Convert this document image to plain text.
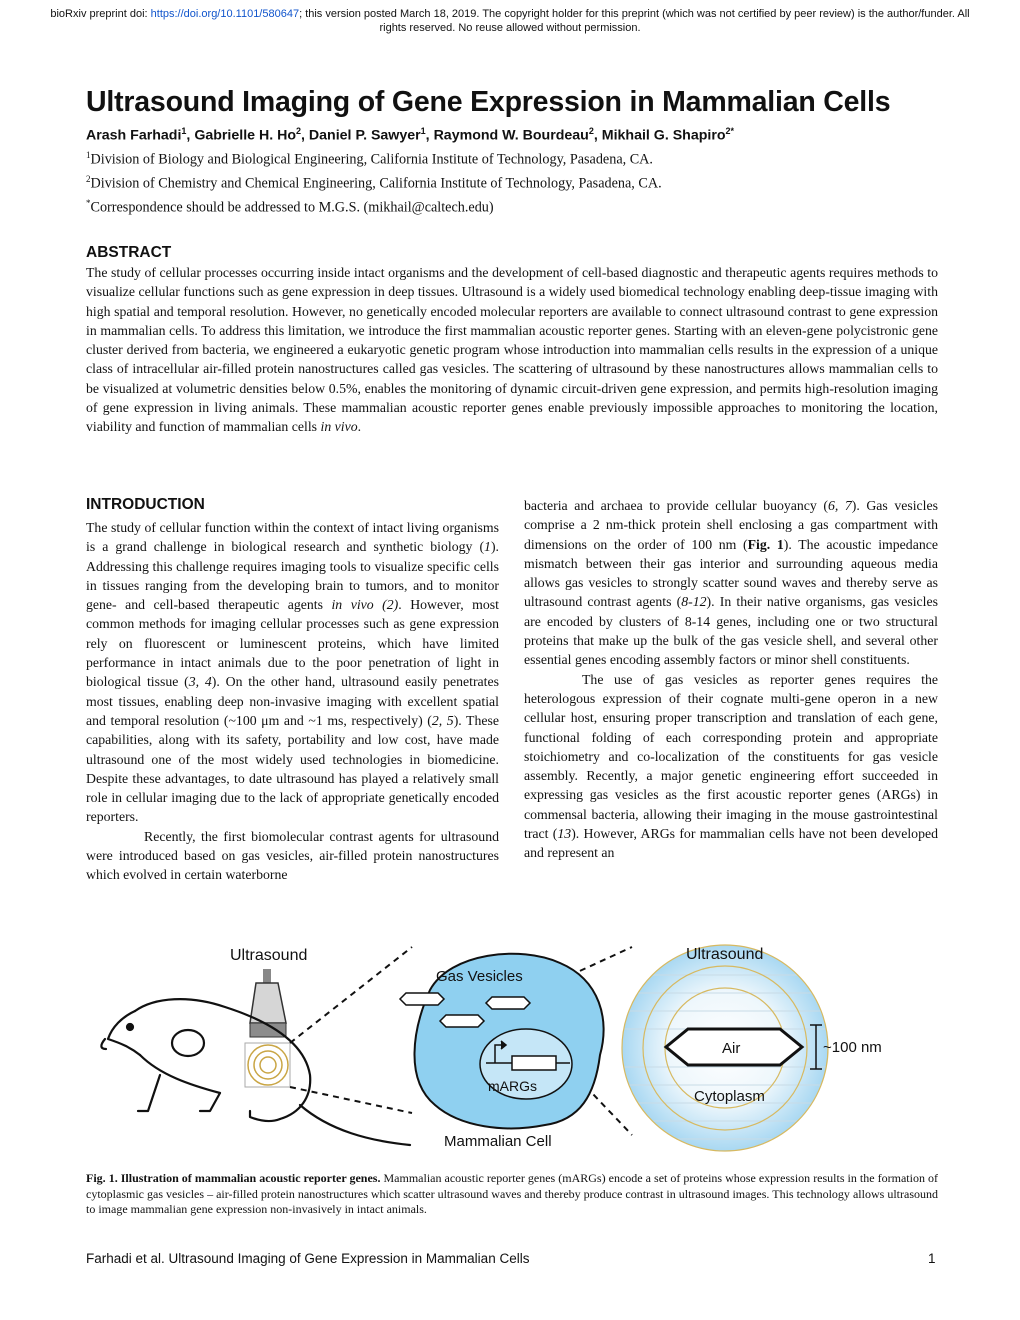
bioRxiv preprint doi: https://doi.org/10.1101/580647; this version posted March 18, 2019. The copyright holder for this preprint (which was not certified by peer review) is the author/funder. All rights reserved. No reuse allowed without permission.
Ultrasound Imaging of Gene Expression in Mammalian Cells
Arash Farhadi$^1$, Gabrielle H. Ho$^2$, Daniel P. Sawyer$^1$, Raymond W. Bourdeau$^2$, Mikhail G. Shapiro$^{2*}$
$^1$Division of Biology and Biological Engineering, California Institute of Technology, Pasadena, CA.
$^2$Division of Chemistry and Chemical Engineering, California Institute of Technology, Pasadena, CA.
*Correspondence should be addressed to M.G.S. (mikhail@caltech.edu)
ABSTRACT

The study of cellular processes occurring inside intact organisms and the development of cell-based diagnostic and therapeutic agents requires methods to visualize cellular functions such as gene expression in deep tissues. Ultrasound is a widely used biomedical technology enabling deep-tissue imaging with high spatial and temporal resolution. However, no genetically encoded molecular reporters are available to connect ultrasound contrast to gene expression in mammalian cells. To address this limitation, we introduce the first mammalian acoustic reporter genes. Starting with an eleven-gene polycistronic gene cluster derived from bacteria, we engineered a eukaryotic genetic program whose introduction into mammalian cells results in the expression of a unique class of intracellular air-filled protein nanostructures called gas vesicles. The scattering of ultrasound by these nanostructures allows mammalian cells to be visualized at volumetric densities below 0.5%, enables the monitoring of dynamic circuit-driven gene expression, and permits high-resolution imaging of gene expression in living animals. These mammalian acoustic reporter genes enable previously impossible approaches to monitoring the location, viability and function of mammalian cells in vivo.

INTRODUCTION

The study of cellular function within the context of intact living organisms is a grand challenge in biological research and synthetic biology (1). Addressing this challenge requires imaging tools to visualize specific cells in tissues ranging from the developing brain to tumors, and to monitor gene- and cell-based therapeutic agents in vivo (2). However, most common methods for imaging cellular processes such as gene expression rely on fluorescent or luminescent proteins, which have limited performance in intact animals due to the poor penetration of light in biological tissue (3, 4). On the other hand, ultrasound easily penetrates most tissues, enabling deep non-invasive imaging with excellent spatial and temporal resolution (~100 μm and ~1 ms, respectively) (2, 5). These capabilities, along with its safety, portability and low cost, have made ultrasound one of the most widely used technologies in biomedicine. Despite these advantages, to date ultrasound has played a relatively small role in cellular imaging due to the lack of appropriate genetically encoded reporters.

Recently, the first biomolecular contrast agents for ultrasound were introduced based on gas vesicles, air-filled protein nanostructures which evolved in certain waterborne

bacteria and archaea to provide cellular buoyancy (6, 7). Gas vesicles comprise a 2 nm-thick protein shell enclosing a gas compartment with dimensions on the order of 100 nm (Fig. 1). The acoustic impedance mismatch between their gas interior and surrounding aqueous media allows gas vesicles to strongly scatter sound waves and thereby serve as ultrasound contrast agents (8-12). In their native organisms, gas vesicles are encoded by clusters of 8-14 genes, including one or two structural proteins that make up the bulk of the gas vesicle shell, and several other essential genes encoding assembly factors or minor shell constituents.

The use of gas vesicles as reporter genes requires the heterologous expression of their cognate multi-gene operon in a new cellular host, ensuring proper transcription and translation of each gene, functional folding of each corresponding protein and appropriate stoichiometry and co-localization of the constituents for gas vesicle assembly. Recently, a major genetic engineering effort succeeded in expressing gas vesicles as the first acoustic reporter genes (ARGs) in commensal bacteria, allowing their imaging in the mouse gastrointestinal tract (13). However, ARGs for mammalian cells have not been developed and represent an

Ultrasound
Gas Vesicles
mARGs
Mammalian Cell
Ultrasound
Air	~100 nm
Cytoplasm

Fig. 1. Illustration of mammalian acoustic reporter genes. Mammalian acoustic reporter genes (mARGs) encode a set of proteins whose expression results in the formation of cytoplasmic gas vesicles – air-filled protein nanostructures which scatter ultrasound waves and thereby produce contrast in ultrasound images. This technology allows ultrasound to image mammalian gene expression non-invasively in intact animals.

Farhadi et al. Ultrasound Imaging of Gene Expression in Mammalian Cells	1
